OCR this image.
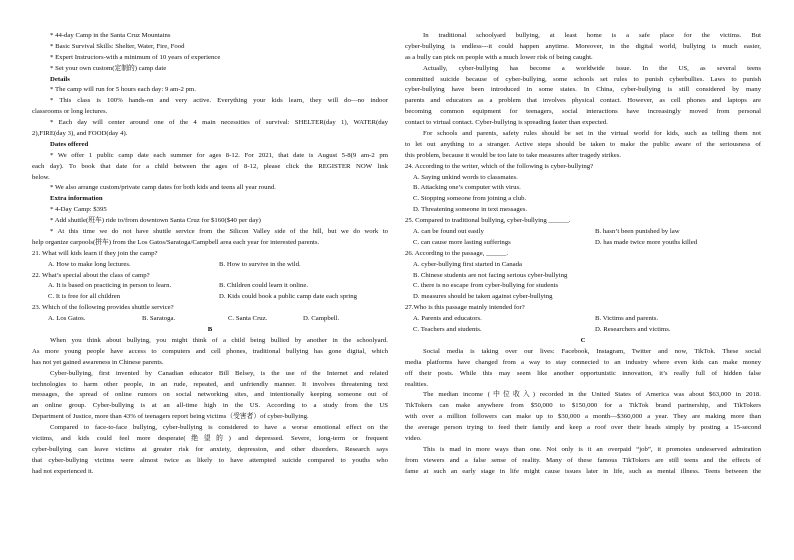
* 44-day Camp in the Santa Cruz Mountains
* Basic Survival Skills: Shelter, Water, Fire, Food
* Expert Instructors-with a minimum of 10 years of experience
* Set your own custom(定制的) camp date
Details
* The camp will run for 5 hours each day: 9 am-2 pm.
* This class is 100% hands-on and very active. Everything your kids learn, they will do—no indoor
classrooms or long lectures.
* Each day will center around one of the 4 main necessities of survival: SHELTER(day 1), WATER(day
2),FIRE(day 3), and FOOD(day 4).
Dates offered
* We offer 1 public camp date each summer for ages 8-12. For 2021, that date is August 5-8(9 am-2 pm
each day). To book that date for a child between the ages of 8-12, please click the REGISTER NOW link
below.
* We also arrange custom/private camp dates for both kids and teens all year round.
Extra information
* 4-Day Camp: $395
* Add shuttle(班车) ride to/from downtown Santa Cruz for $160($40 per day)
* At this time we do not have shuttle service from the Silicon Valley side of the hill, but we do work to
help organize carpools(拼车) from the Los Gatos/Saratoga/Campbell area each year for interested parents.
21. What will kids learn if they join the camp?
A. How to make long lectures.	B. How to survive in the wild.
22. What’s special about the class of camp?
A. It is based on practicing in person to learn.	B. Children could learn it online.
C. It is free for all children	D. Kids could book a public camp date each spring
23. Which of the following provides shuttle service?
A. Los Gatos.	B. Saratoga.	C. Santa Cruz.	D. Campbell.
B
When you think about bullying, you might think of a child being bullied by another in the schoolyard.
As more young people have access to computers and cell phones, traditional bullying has gone digital, which
has not yet gained awareness in Chinese parents.
Cyber-bullying, first invented by Canadian educator Bill Belsey, is the use of the Internet and related
technologies to harm other people, in an rude, repeated, and unfriendly manner. It involves threatening text
messages, the spread of online rumors on social networking sites, and intentionally keeping someone out of
an online group. Cyber-bullying is at an all-time high in the US. According to a study from the US
Department of Justice, more than 43% of teenagers report being victims（受害者）of cyber-bullying.
Compared to face-to-face bullying, cyber-bullying is considered to have a worse emotional effect on the
victims, and kids could feel more desperate(绝望的) and depressed. Severe, long-term or frequent
cyber-bullying can leave victims at greater risk for anxiety, depression, and other disorders. Research says
that cyber-bullying victims were almost twice as likely to have attempted suicide compared to youths who
had not experienced it.
In traditional schoolyard bullying, at least home is a safe place for the victims. But
cyber-bullying is endless---it could happen anytime. Moreover, in the digital world, bullying is much easier,
as a bully can pick on people with a much lower risk of being caught.
Actually, cyber-bullying has become a worldwide issue. In the US, as several teens
committed suicide because of cyber-bullying, some schools set rules to punish cyberbullies. Laws to punish
cyber-bullying have been introduced in some states. In China, cyber-bullying is still considered by many
parents and educators as a problem that involves physical contact. However, as cell phones and laptops are
becoming common equipment for teenagers, social interactions have increasingly moved from personal
contact to virtual contact. Cyber-bullying is spreading faster than expected.
For schools and parents, safety rules should be set in the virtual world for kids, such as telling them not
to let out anything to a stranger. Active steps should be taken to make the public aware of the seriousness of
this problem, because it would be too late to take measures after tragedy strikes.
24. According to the writer, which of the following is cyber-bullying?
A. Saying unkind words to classmates.
B. Attacking one’s computer with virus.
C. Stopping someone from joining a club.
D. Threatening someone in text messages.
25. Compared to traditional bullying, cyber-bullying ______.
A. can be found out easily	B. hasn’t been punished by law
C. can cause more lasting sufferings	D. has made twice more youths killed
26. According to the passage, ______.
A. cyber-bullying first started in Canada
B. Chinese students are not facing serious cyber-bullying
C. there is no escape from cyber-bullying for students
D. measures should be taken against cyber-bullying
27.Who is this passage mainly intended for?
A. Parents and educators.	B. Victims and parents.
C. Teachers and students.	D. Researchers and victims.
C
Social media is taking over our lives: Facebook, Instagram, Twitter and now, TikTok. These social
media platforms have changed from a way to stay connected to an industry where even kids can make money
off their posts. While this may seem like another opportunistic innovation, it’s really full of hidden false
realities.
The median income (中位收入) recorded in the United States of America was about $63,000 in 2018.
TikTokers can make anywhere from $50,000 to $150,000 for a TikTok brand partnership, and TikTokers
with over a million followers can make up to $30,000 a month—$360,000 a year. They are making more than
the average person trying to feed their family and keep a roof over their heads simply by posting a 15-second
video.
This is mad in more ways than one. Not only is it an overpaid “job”, it promotes undeserved admiration
from viewers and a false sense of reality. Many of these famous TikTokers are still teens and the effects of
fame at such an early stage in life might cause issues later in life, such as mental illness. Teens between the
